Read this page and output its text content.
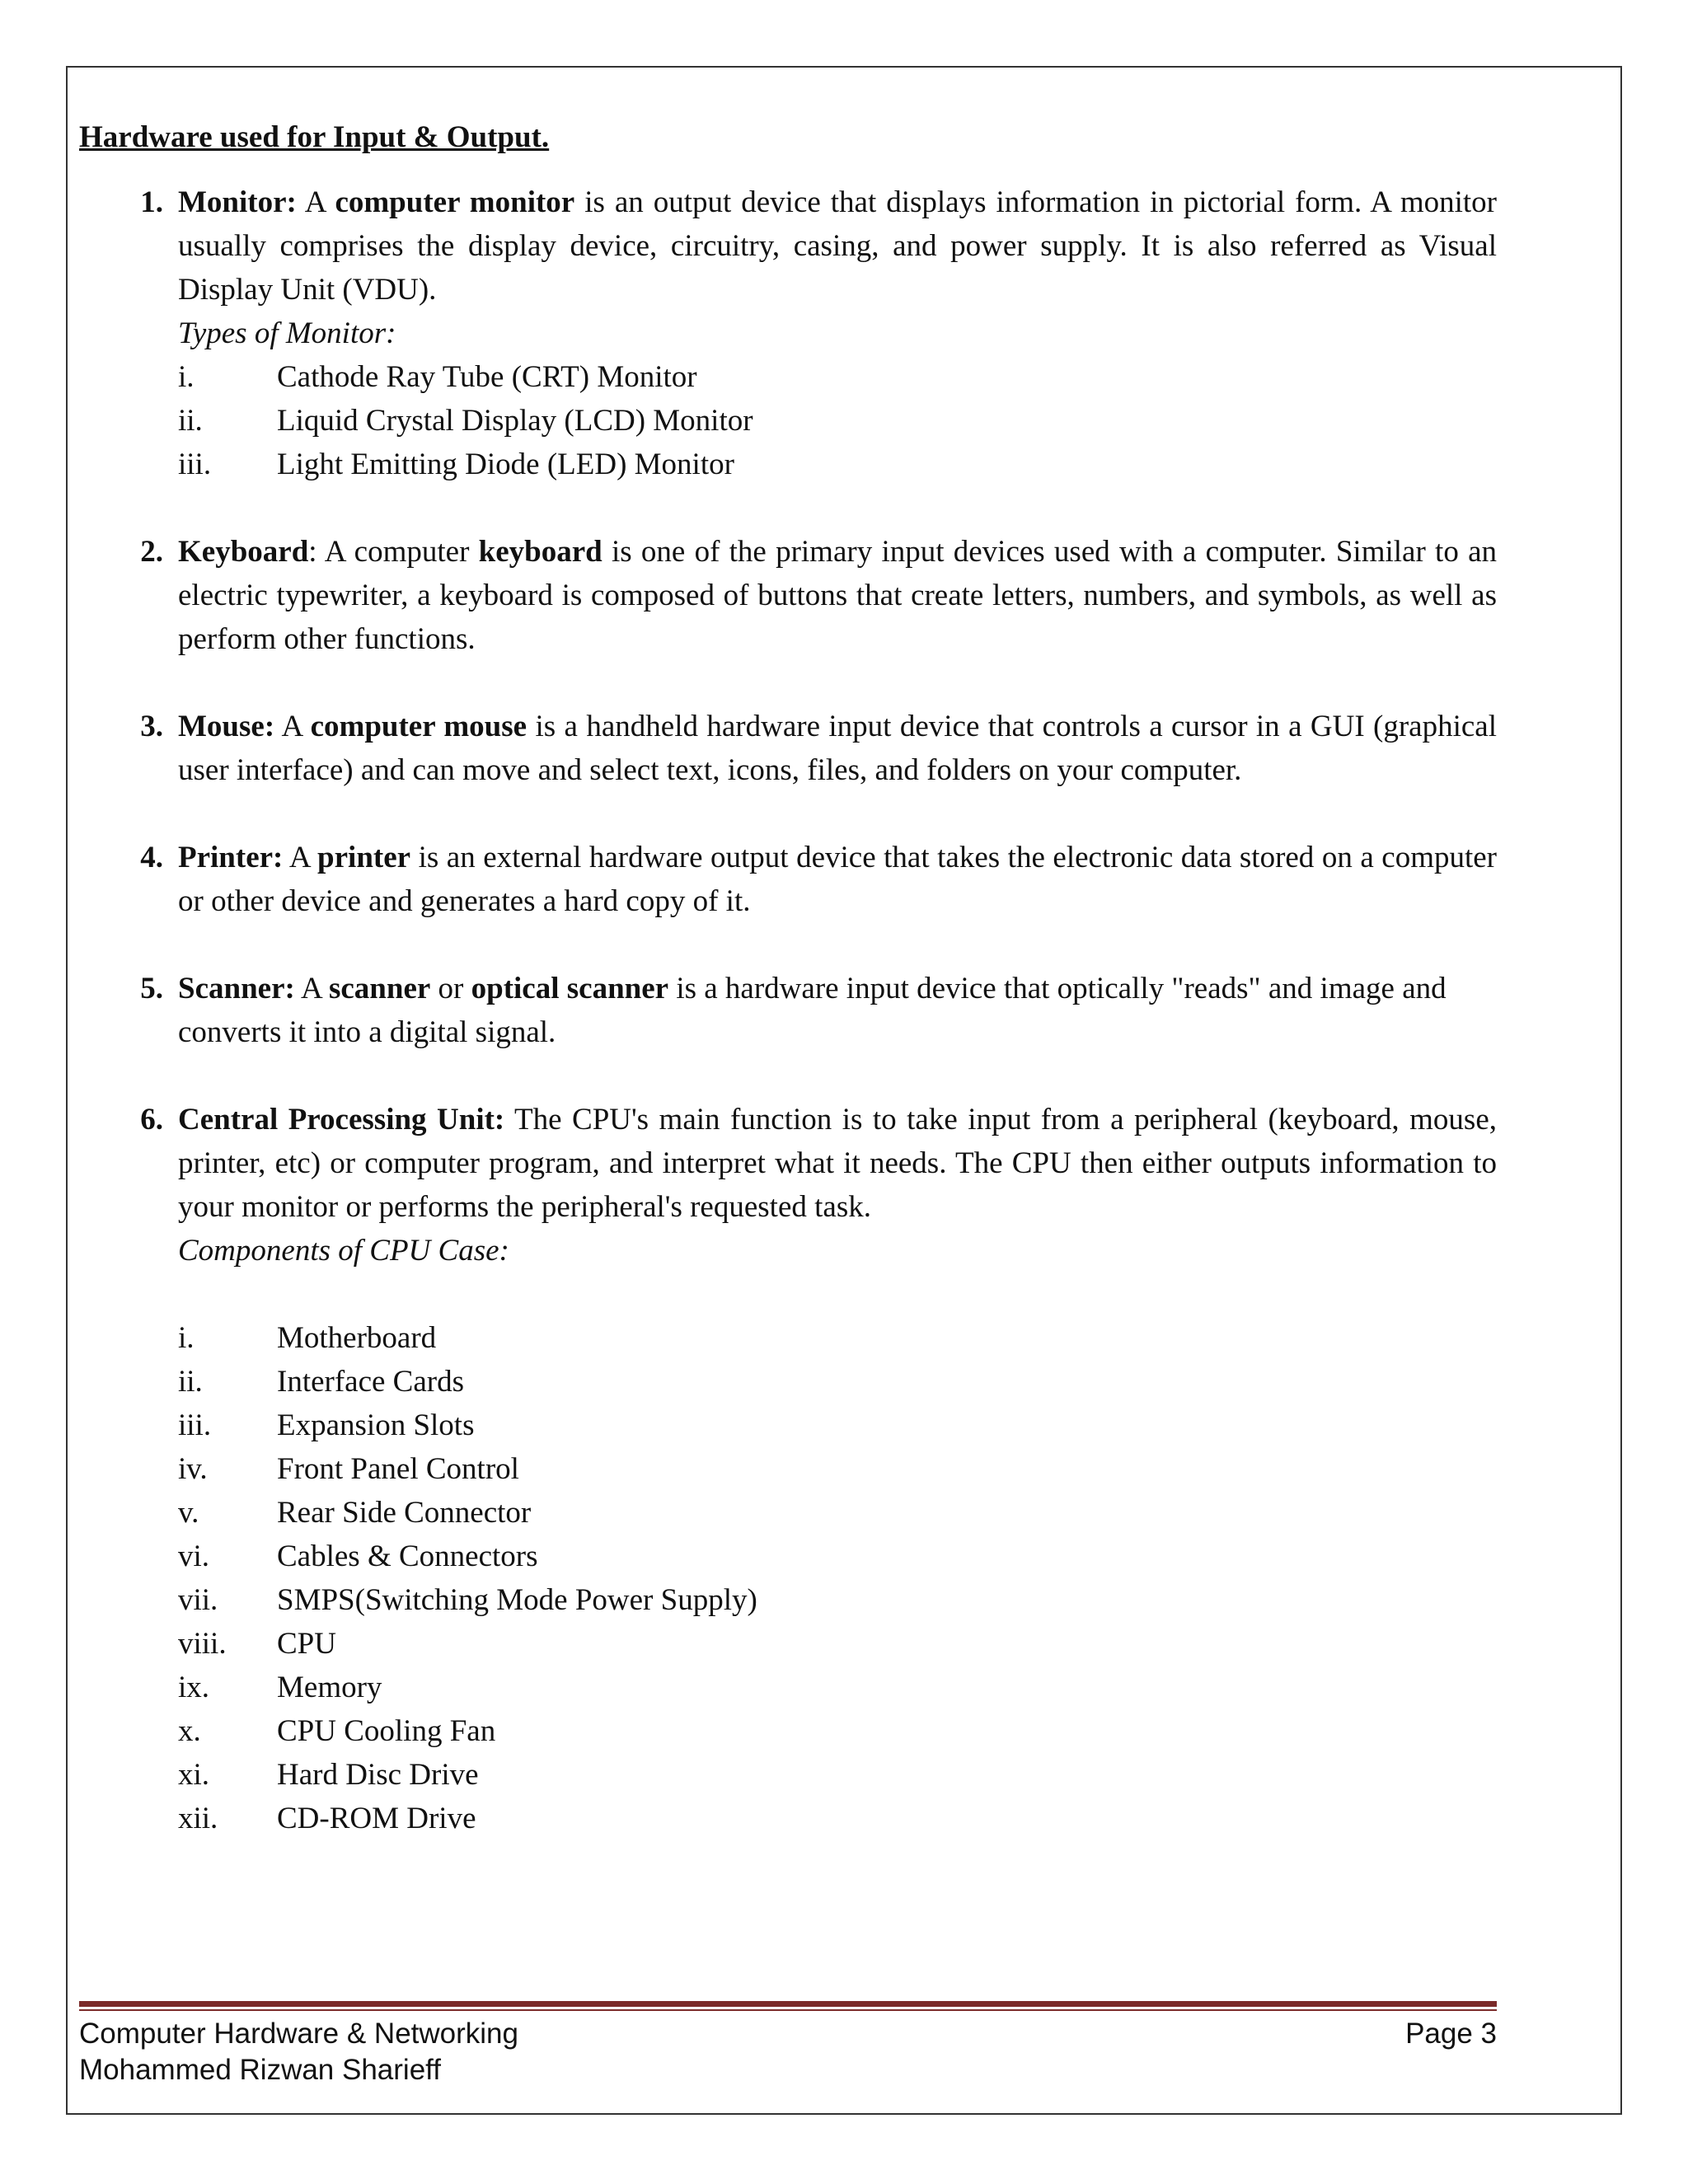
Hardware used for Input & Output.

1. Monitor: A computer monitor is an output device that displays information in pictorial form. A monitor usually comprises the display device, circuitry, casing, and power supply. It is also referred as Visual Display Unit (VDU).
Types of Monitor:
i.	Cathode Ray Tube (CRT) Monitor
ii.	Liquid Crystal Display (LCD) Monitor
iii.	Light Emitting Diode (LED) Monitor
2. Keyboard: A computer keyboard is one of the primary input devices used with a computer. Similar to an electric typewriter, a keyboard is composed of buttons that create letters, numbers, and symbols, as well as perform other functions.
3. Mouse: A computer mouse is a handheld hardware input device that controls a cursor in a GUI (graphical user interface) and can move and select text, icons, files, and folders on your computer.
4. Printer: A printer is an external hardware output device that takes the electronic data stored on a computer or other device and generates a hard copy of it.
5. Scanner: A scanner or optical scanner is a hardware input device that optically "reads" and image and converts it into a digital signal.
6. Central Processing Unit: The CPU's main function is to take input from a peripheral (keyboard, mouse, printer, etc) or computer program, and interpret what it needs. The CPU then either outputs information to your monitor or performs the peripheral's requested task.
Components of CPU Case:
i.	Motherboard
ii.	Interface Cards
iii.	Expansion Slots
iv.	Front Panel Control
v.	Rear Side Connector
vi.	Cables & Connectors
vii.	SMPS(Switching Mode Power Supply)
viii.	CPU
ix.	Memory
x.	CPU Cooling Fan
xi.	Hard Disc Drive
xii.	CD-ROM Drive
Computer Hardware & Networking	Page 3
Mohammed Rizwan Sharieff
